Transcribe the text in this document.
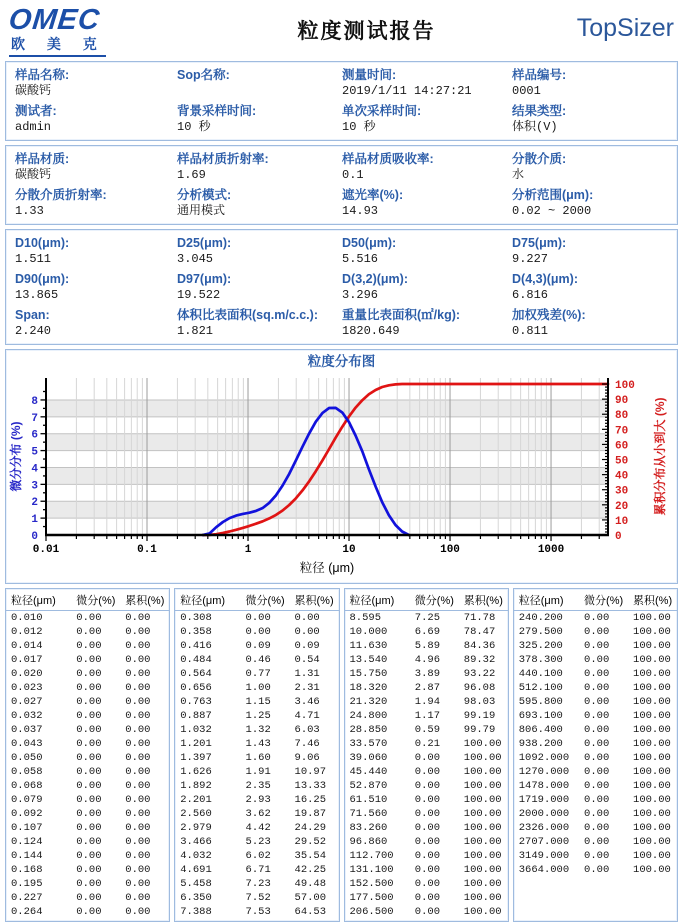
OMEC
欧 美 克
粒度测试报告	TopSizer
样品名称:
碳酸钙
Sop名称:	测量时间:
2019/1/11 14:27:21
样品编号:
0001
测试者:
admin
背景采样时间:
10 秒
单次采样时间:
10 秒
结果类型:
体积(V)
样品材质:
碳酸钙
样品材质折射率:
1.69
样品材质吸收率:
0.1
分散介质:
水
分散介质折射率:
1.33
分析模式:
通用模式
遮光率(%):
14.93
分析范围(μm):
0.02 ~ 2000
D10(μm):
1.511
D25(μm):
3.045
D50(μm):
5.516
D75(μm):
9.227
D90(μm):
13.865
D97(μm):
19.522
D(3,2)(μm):
3.296
D(4,3)(μm):
6.816
Span:
2.240
体积比表面积(sq.m/c.c.):
1.821
重量比表面积(㎡/kg):
1820.649
加权残差(%):
0.811
粒度分布图
0.01	0.1	1	10	100	1000
0
1
2
3
4
5
6
7
8
0
10
20
30
40
50
60
70
80
90
100
微分分布 (%)	累积分布从小到大 (%)
粒径 (μm)
粒径(μm)	微分(%)	累积(%)
0.010	0.00	0.00
0.012	0.00	0.00
0.014	0.00	0.00
0.017	0.00	0.00
0.020	0.00	0.00
0.023	0.00	0.00
0.027	0.00	0.00
0.032	0.00	0.00
0.037	0.00	0.00
0.043	0.00	0.00
0.050	0.00	0.00
0.058	0.00	0.00
0.068	0.00	0.00
0.079	0.00	0.00
0.092	0.00	0.00
0.107	0.00	0.00
0.124	0.00	0.00
0.144	0.00	0.00
0.168	0.00	0.00
0.195	0.00	0.00
0.227	0.00	0.00
0.264	0.00	0.00
粒径(μm)	微分(%)	累积(%)
0.308	0.00	0.00
0.358	0.00	0.00
0.416	0.09	0.09
0.484	0.46	0.54
0.564	0.77	1.31
0.656	1.00	2.31
0.763	1.15	3.46
0.887	1.25	4.71
1.032	1.32	6.03
1.201	1.43	7.46
1.397	1.60	9.06
1.626	1.91	10.97
1.892	2.35	13.33
2.201	2.93	16.25
2.560	3.62	19.87
2.979	4.42	24.29
3.466	5.23	29.52
4.032	6.02	35.54
4.691	6.71	42.25
5.458	7.23	49.48
6.350	7.52	57.00
7.388	7.53	64.53
粒径(μm)	微分(%)	累积(%)
8.595	7.25	71.78
10.000	6.69	78.47
11.630	5.89	84.36
13.540	4.96	89.32
15.750	3.89	93.22
18.320	2.87	96.08
21.320	1.94	98.03
24.800	1.17	99.19
28.850	0.59	99.79
33.570	0.21	100.00
39.060	0.00	100.00
45.440	0.00	100.00
52.870	0.00	100.00
61.510	0.00	100.00
71.560	0.00	100.00
83.260	0.00	100.00
96.860	0.00	100.00
112.700	0.00	100.00
131.100	0.00	100.00
152.500	0.00	100.00
177.500	0.00	100.00
206.500	0.00	100.00
粒径(μm)	微分(%)	累积(%)
240.200	0.00	100.00
279.500	0.00	100.00
325.200	0.00	100.00
378.300	0.00	100.00
440.100	0.00	100.00
512.100	0.00	100.00
595.800	0.00	100.00
693.100	0.00	100.00
806.400	0.00	100.00
938.200	0.00	100.00
1092.000	0.00	100.00
1270.000	0.00	100.00
1478.000	0.00	100.00
1719.000	0.00	100.00
2000.000	0.00	100.00
2326.000	0.00	100.00
2707.000	0.00	100.00
3149.000	0.00	100.00
3664.000	0.00	100.00
